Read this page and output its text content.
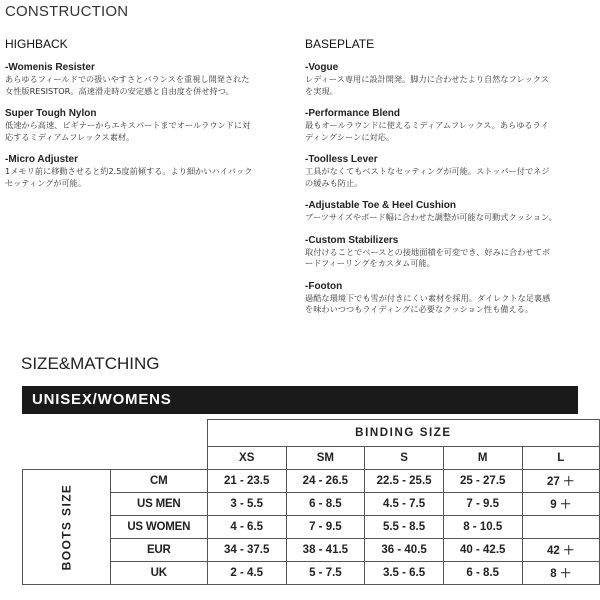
CONSTRUCTION
HIGHBACK
-Womenis Resister
あらゆるフィールドでの扱いやすさとバランスを重視し開発された
女性版RESISTOR。高速滑走時の安定感と自由度を併せ持つ。
Super Tough Nylon
低速から高速、ビギナーからエキスパートまでオールラウンドに対
応するミディアムフレックス素材。
-Micro Adjuster
1メモリ前に移動させると約2.5度前傾する。より細かいハイバック
セッティングが可能。
BASEPLATE
-Vogue
レディース専用に設計開発。脚力に合わせたより自然なフレックス
を実現。
-Performance Blend
最もオールラウンドに使えるミディアムフレックス。あらゆるライ
ディングシーンに対応。
-Toolless Lever
工具がなくてもベストなセッティングが可能。ストッパー付でネジ
の緩みも防止。
-Adjustable Toe & Heel Cushion
ブーツサイズやボード幅に合わせた調整が可能な可動式クッション。
-Custom Stabilizers
取付けることでベースとの接地面積を可変でき、好みに合わせてボ
ードフィーリングをカスタム可能。
-Footon
過酷な環境下でも雪が付きにくい素材を採用。ダイレクトな足裏感
を味わいつつもライディングに必要なクッション性も備える。
SIZE&MATCHING
UNISEX/WOMENS
		BINDING SIZE				
		XS	SM	S	M	L
BOOTS SIZE	CM	21 - 23.5	24 - 26.5	22.5 - 25.5	25 - 27.5	27 ＋
	US MEN	3 - 5.5	6 - 8.5	4.5 - 7.5	7 - 9.5	9 ＋
	US WOMEN	4 - 6.5	7 - 9.5	5.5 - 8.5	8 - 10.5	
	EUR	34 - 37.5	38 - 41.5	36 - 40.5	40 - 42.5	42 ＋
	UK	2 - 4.5	5 - 7.5	3.5 - 6.5	6 - 8.5	8 ＋
